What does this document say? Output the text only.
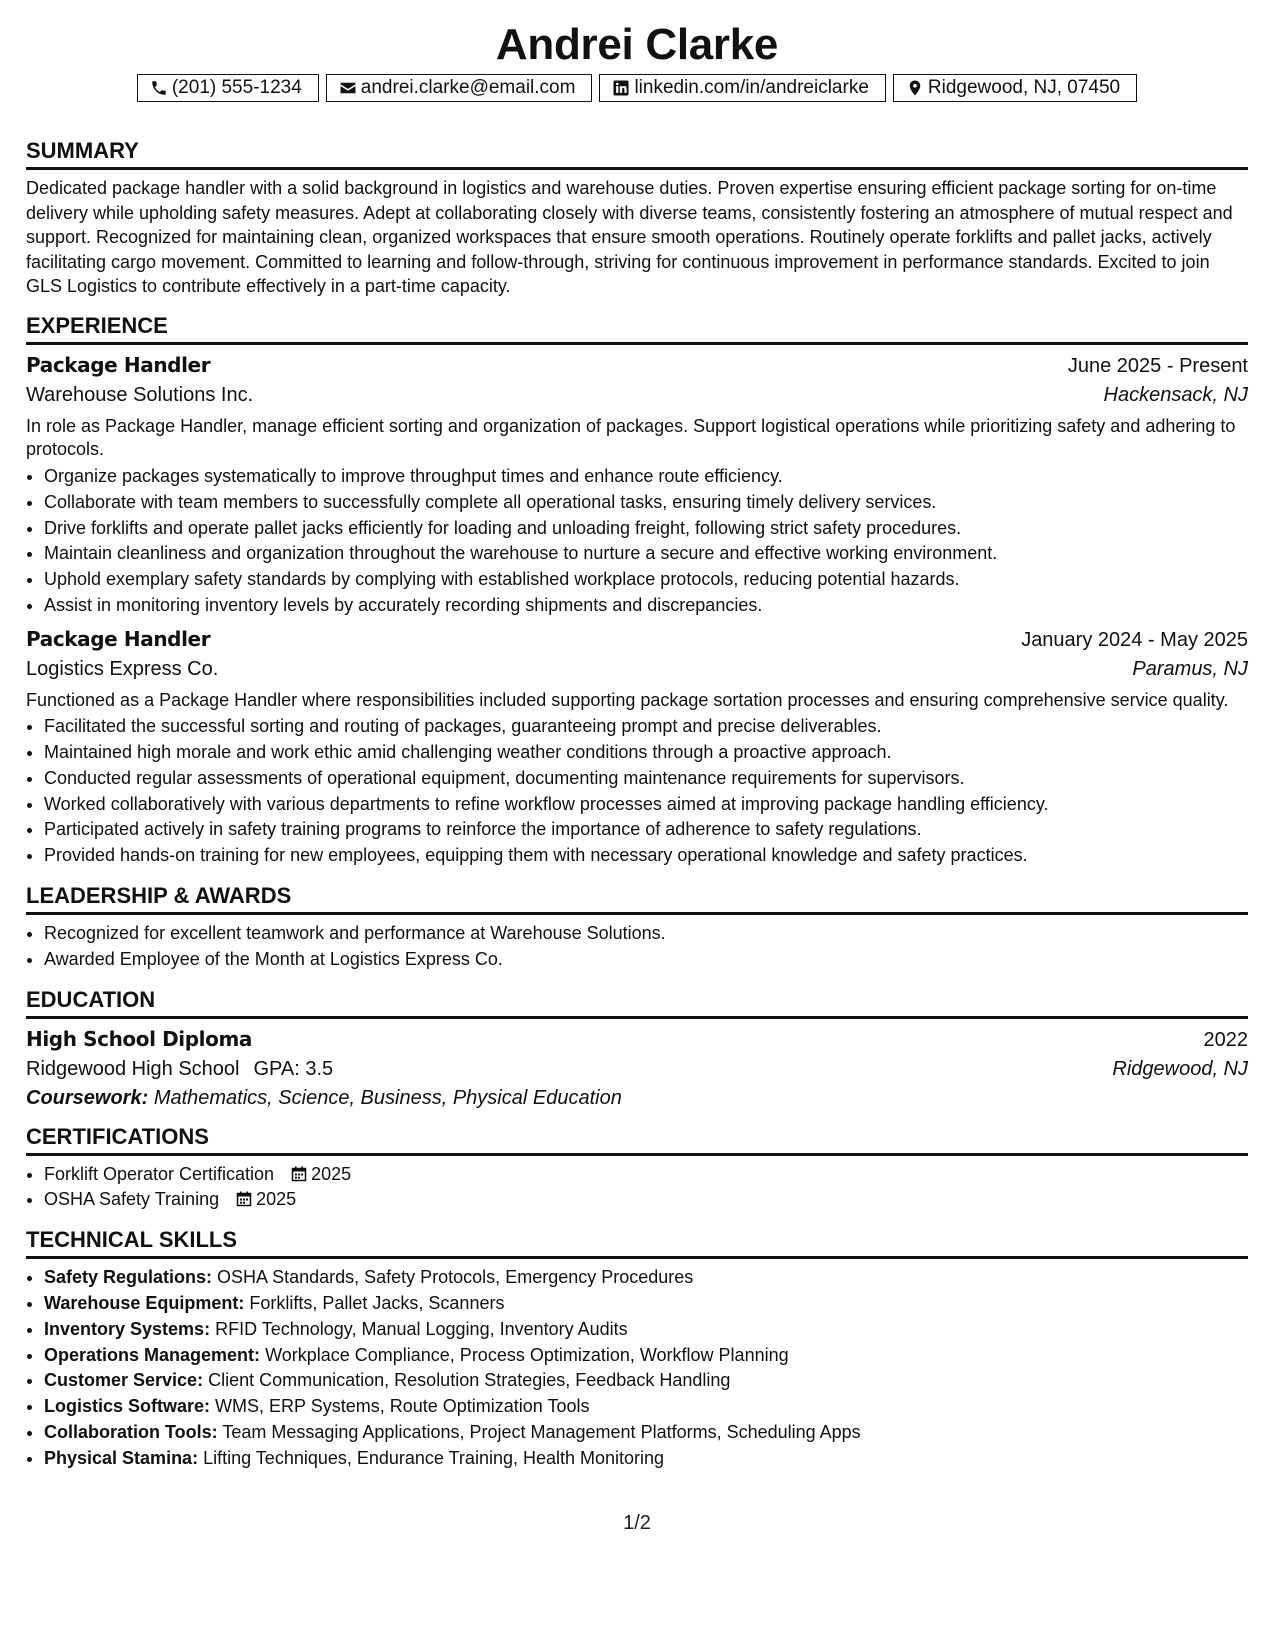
Andrei Clarke
(201) 555-1234	andrei.clarke@email.com	linkedin.com/in/andreiclarke	Ridgewood, NJ, 07450
SUMMARY

Dedicated package handler with a solid background in logistics and warehouse duties. Proven expertise ensuring efficient package sorting for on-time delivery while upholding safety measures. Adept at collaborating closely with diverse teams, consistently fostering an atmosphere of mutual respect and support. Recognized for maintaining clean, organized workspaces that ensure smooth operations. Routinely operate forklifts and pallet jacks, actively facilitating cargo movement. Committed to learning and follow-through, striving for continuous improvement in performance standards. Excited to join GLS Logistics to contribute effectively in a part-time capacity.

EXPERIENCE
Package Handler	June 2025 - Present
Warehouse Solutions Inc.	Hackensack, NJ

In role as Package Handler, manage efficient sorting and organization of packages. Support logistical operations while prioritizing safety and adhering to protocols.

• Organize packages systematically to improve throughput times and enhance route efficiency.
• Collaborate with team members to successfully complete all operational tasks, ensuring timely delivery services.
• Drive forklifts and operate pallet jacks efficiently for loading and unloading freight, following strict safety procedures.
• Maintain cleanliness and organization throughout the warehouse to nurture a secure and effective working environment.
• Uphold exemplary safety standards by complying with established workplace protocols, reducing potential hazards.
• Assist in monitoring inventory levels by accurately recording shipments and discrepancies.
Package Handler	January 2024 - May 2025
Logistics Express Co.	Paramus, NJ

Functioned as a Package Handler where responsibilities included supporting package sortation processes and ensuring comprehensive service quality.

• Facilitated the successful sorting and routing of packages, guaranteeing prompt and precise deliverables.
• Maintained high morale and work ethic amid challenging weather conditions through a proactive approach.
• Conducted regular assessments of operational equipment, documenting maintenance requirements for supervisors.
• Worked collaboratively with various departments to refine workflow processes aimed at improving package handling efficiency.
• Participated actively in safety training programs to reinforce the importance of adherence to safety regulations.
• Provided hands-on training for new employees, equipping them with necessary operational knowledge and safety practices.
LEADERSHIP & AWARDS
• Recognized for excellent teamwork and performance at Warehouse Solutions.
• Awarded Employee of the Month at Logistics Express Co.
EDUCATION
High School Diploma	2022
Ridgewood High School GPA: 3.5	Ridgewood, NJ
Coursework: Mathematics, Science, Business, Physical Education
CERTIFICATIONS
• Forklift Operator Certification 2025
• OSHA Safety Training 2025
TECHNICAL SKILLS
• Safety Regulations: OSHA Standards, Safety Protocols, Emergency Procedures
• Warehouse Equipment: Forklifts, Pallet Jacks, Scanners
• Inventory Systems: RFID Technology, Manual Logging, Inventory Audits
• Operations Management: Workplace Compliance, Process Optimization, Workflow Planning
• Customer Service: Client Communication, Resolution Strategies, Feedback Handling
• Logistics Software: WMS, ERP Systems, Route Optimization Tools
• Collaboration Tools: Team Messaging Applications, Project Management Platforms, Scheduling Apps
• Physical Stamina: Lifting Techniques, Endurance Training, Health Monitoring
1/2
